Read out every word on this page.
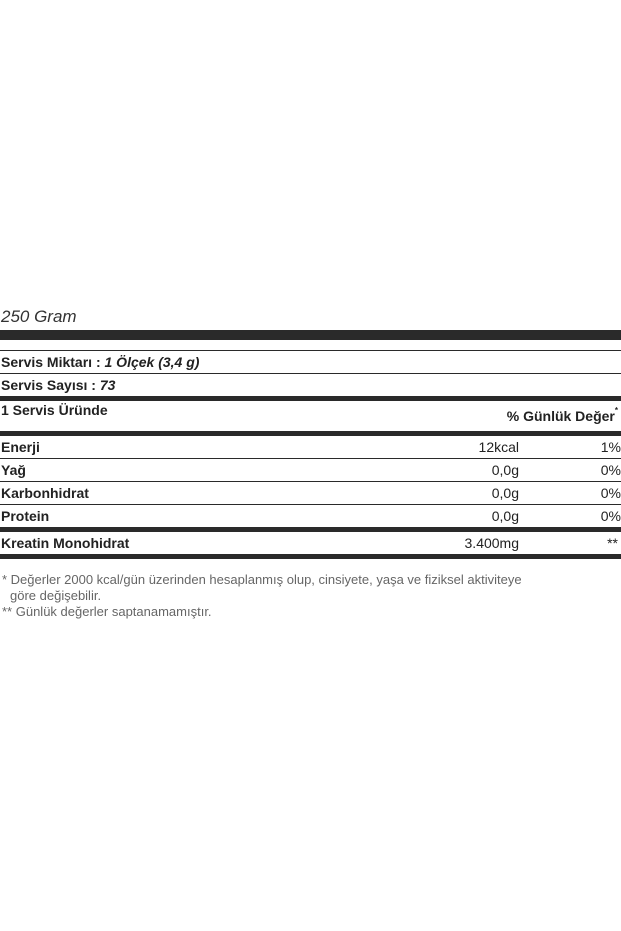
250 Gram
Servis Miktarı : 1 Ölçek (3,4 g)
Servis Sayısı : 73
1 Servis Üründe	% Günlük Değer*
Enerji	12kcal	1%
Yağ	0,0g	0%
Karbonhidrat	0,0g	0%
Protein	0,0g	0%
Kreatin Monohidrat	3.400mg	**
* Değerler 2000 kcal/gün üzerinden hesaplanmış olup, cinsiyete, yaşa ve fiziksel aktiviteye
göre değişebilir.
** Günlük değerler saptanamamıştır.
